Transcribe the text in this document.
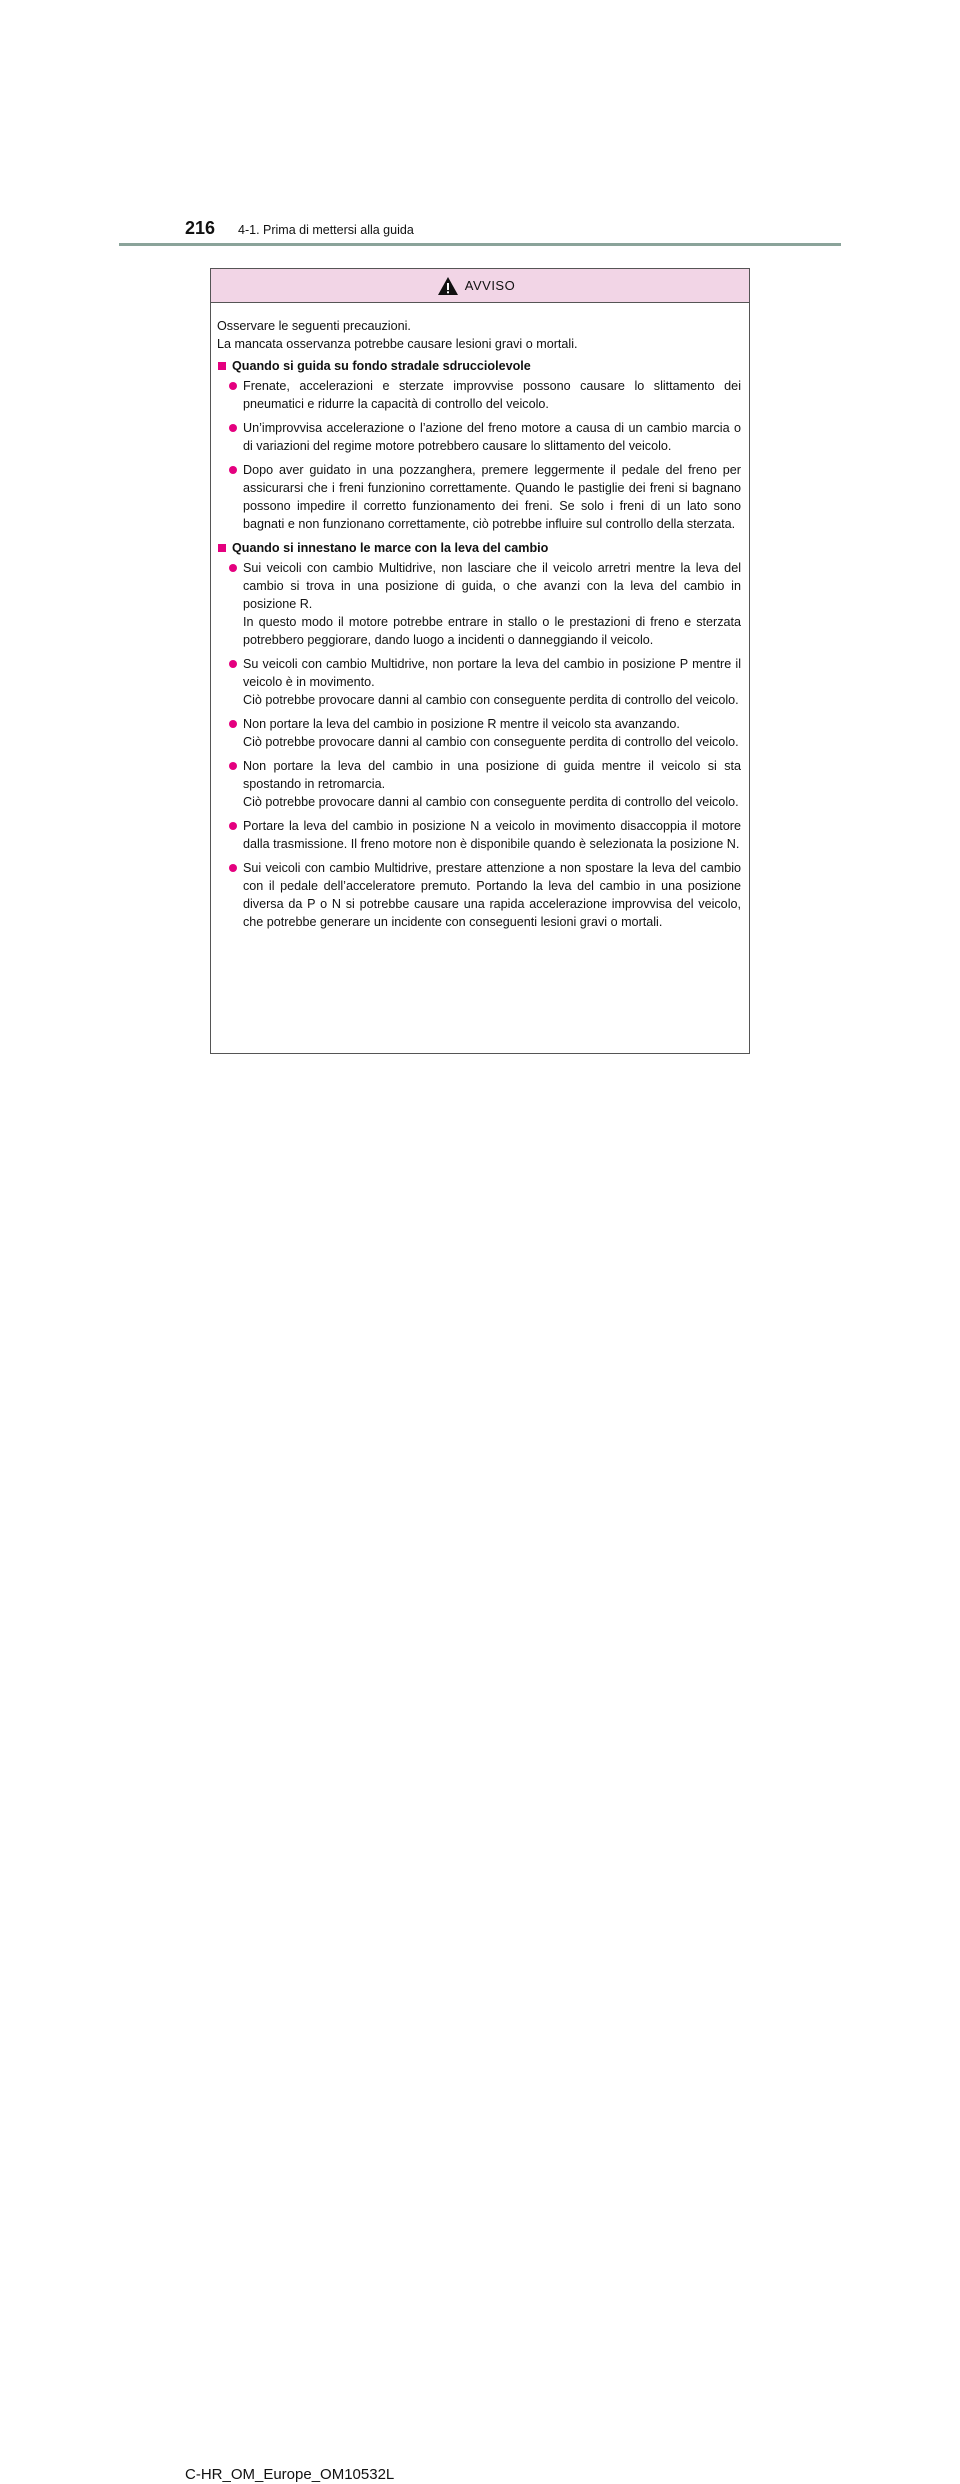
216 4-1. Prima di mettersi alla guida
AVVISO
Osservare le seguenti precauzioni.
La mancata osservanza potrebbe causare lesioni gravi o mortali.
Quando si guida su fondo stradale sdrucciolevole
Frenate, accelerazioni e sterzate improvvise possono causare lo slittamento dei pneumatici e ridurre la capacità di controllo del veicolo.
Un’improvvisa accelerazione o l’azione del freno motore a causa di un cambio marcia o di variazioni del regime motore potrebbero causare lo slittamento del veicolo.
Dopo aver guidato in una pozzanghera, premere leggermente il pedale del freno per assicurarsi che i freni funzionino correttamente. Quando le pastiglie dei freni si bagnano possono impedire il corretto funzionamento dei freni. Se solo i freni di un lato sono bagnati e non funzionano correttamente, ciò potrebbe influire sul controllo della sterzata.
Quando si innestano le marce con la leva del cambio
Sui veicoli con cambio Multidrive, non lasciare che il veicolo arretri mentre la leva del cambio si trova in una posizione di guida, o che avanzi con la leva del cambio in posizione R.
In questo modo il motore potrebbe entrare in stallo o le prestazioni di freno e sterzata potrebbero peggiorare, dando luogo a incidenti o danneggiando il veicolo.
Su veicoli con cambio Multidrive, non portare la leva del cambio in posizione P mentre il veicolo è in movimento.
Ciò potrebbe provocare danni al cambio con conseguente perdita di controllo del veicolo.
Non portare la leva del cambio in posizione R mentre il veicolo sta avanzando.
Ciò potrebbe provocare danni al cambio con conseguente perdita di controllo del veicolo.
Non portare la leva del cambio in una posizione di guida mentre il veicolo si sta spostando in retromarcia.
Ciò potrebbe provocare danni al cambio con conseguente perdita di controllo del veicolo.
Portare la leva del cambio in posizione N a veicolo in movimento disaccoppia il motore dalla trasmissione. Il freno motore non è disponibile quando è selezionata la posizione N.
Sui veicoli con cambio Multidrive, prestare attenzione a non spostare la leva del cambio con il pedale dell’acceleratore premuto. Portando la leva del cambio in una posizione diversa da P o N si potrebbe causare una rapida accelerazione improvvisa del veicolo, che potrebbe generare un incidente con conseguenti lesioni gravi o mortali.
C-HR_OM_Europe_OM10532L
